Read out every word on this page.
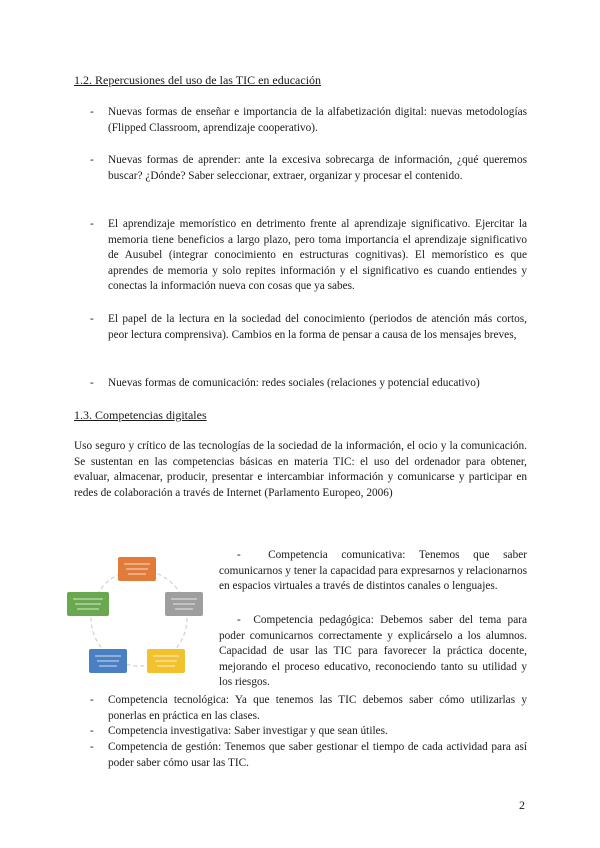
1.2. Repercusiones del uso de las TIC en educación
- Nuevas formas de enseñar e importancia de la alfabetización digital: nuevas metodologías (Flipped Classroom, aprendizaje cooperativo).
- Nuevas formas de aprender: ante la excesiva sobrecarga de información, ¿qué queremos buscar? ¿Dónde? Saber seleccionar, extraer, organizar y procesar el contenido.
- El aprendizaje memorístico en detrimento frente al aprendizaje significativo. Ejercitar la memoria tiene beneficios a largo plazo, pero toma importancia el aprendizaje significativo de Ausubel (integrar conocimiento en estructuras cognitivas). El memorístico es que aprendes de memoria y solo repites información y el significativo es cuando entiendes y conectas la información nueva con cosas que ya sabes.
- El papel de la lectura en la sociedad del conocimiento (periodos de atención más cortos, peor lectura comprensiva). Cambios en la forma de pensar a causa de los mensajes breves,
- Nuevas formas de comunicación: redes sociales (relaciones y potencial educativo)
1.3. Competencias digitales
Uso seguro y crítico de las tecnologías de la sociedad de la información, el ocio y la comunicación. Se sustentan en las competencias básicas en materia TIC: el uso del ordenador para obtener, evaluar, almacenar, producir, presentar e intercambiar información y comunicarse y participar en redes de colaboración a través de Internet (Parlamento Europeo, 2006)
-  Competencia comunicativa: Tenemos que saber comunicarnos y tener la capacidad para expresarnos y relacionarnos en espacios virtuales a través de distintos canales o lenguajes.
-  Competencia pedagógica: Debemos saber del tema para poder comunicarnos correctamente y explicárselo a los alumnos. Capacidad de usar las TIC para favorecer la práctica docente, mejorando el proceso educativo, reconociendo tanto su utilidad y los riesgos.
- Competencia tecnológica: Ya que tenemos las TIC debemos saber cómo utilizarlas y ponerlas en práctica en las clases.
- Competencia investigativa: Saber investigar y que sean útiles.
- Competencia de gestión: Tenemos que saber gestionar el tiempo de cada actividad para así poder saber cómo usar las TIC.
2
